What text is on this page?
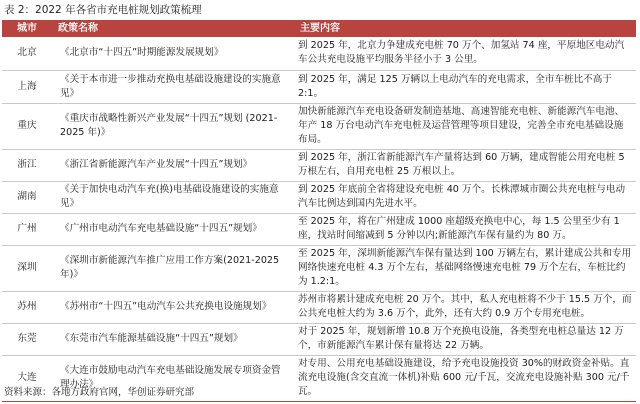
表 2：2022 年各省市充电桩规划政策梳理
城市	政策名称	主要内容
北京	《北京市“十四五”时期能源发展规划》	到 2025 年，北京力争建成充电桩 70 万个、加氢站 74 座，平原地区电动汽车公共充电设施平均服务半径小于 3 公里。
上海	《关于本市进一步推动充换电基础设施建设的实施意见》	到 2025 年，满足 125 万辆以上电动汽车的充电需求，全市车桩比不高于 2:1。
重庆	《重庆市战略性新兴产业发展“十四五”规划 (2021-2025 年)》	加快新能源汽车充电设备研发制造基地、高速智能充电桩、新能源汽车电池、年产 18 万台电动汽车充电桩及运营管理等项目建设，完善全市充电基础设施布局。
浙江	《浙江省新能源汽车产业发展“十四五”规划》	到 2025 年，浙江省新能源汽车产量将达到 60 万辆，建成智能公用充电桩 5 万根左右，自用充电桩 25 万根以上。
湖南	《关于加快电动汽车充(换)电基础设施建设的实施意见》	到 2025 年底前全省将建设充电桩 40 万个。长株潭城市圈公共充电桩与电动汽车比例达到国内先进水平。
广州	《广州市电动汽车充电基础设施“十四五”规划》	至 2025 年，将在广州建成 1000 座超级充换电中心，每 1.5 公里至少有 1 座，找站时间缩减到 5 分钟以内;新能源汽车保有量约为 80 万。
深圳	《深圳市新能源汽车推广应用工作方案(2021-2025 年)》	至 2025 年，深圳新能源汽车保有量达到 100 万辆左右，累计建成公共和专用网络快速充电桩 4.3 万个左右，基础网络慢速充电桩 79 万个左右，车桩比约为 1.2:1。
苏州	《苏州市“十四五”电动汽车公共充换电设施规划》	苏州市将累计建成充电桩 20 万个。其中，私人充电桩将不少于 15.5 万个，而公共充电桩大约为 3.6 万个，此外，还有大约 0.9 万个专用充电桩。
东莞	《东莞市汽车能源基础设施“十四五”规划》	对于 2025 年，规划新增 10.8 万个充换电设施，各类型充电桩总量达 12 万个，市新能源汽车累计保有量将达 22 万辆。
大连	《大连市鼓励电动汽车充电基础设施发展专项资金管理办法》	对专用、公用充电基础设施建设，给予充电设施投资 30%的财政资金补贴。直流充电设施(含交直流一体机)补贴 600 元/千瓦，交流充电设施补贴 300 元/千瓦。
资料来源：各地方政府官网，华创证券研究部
